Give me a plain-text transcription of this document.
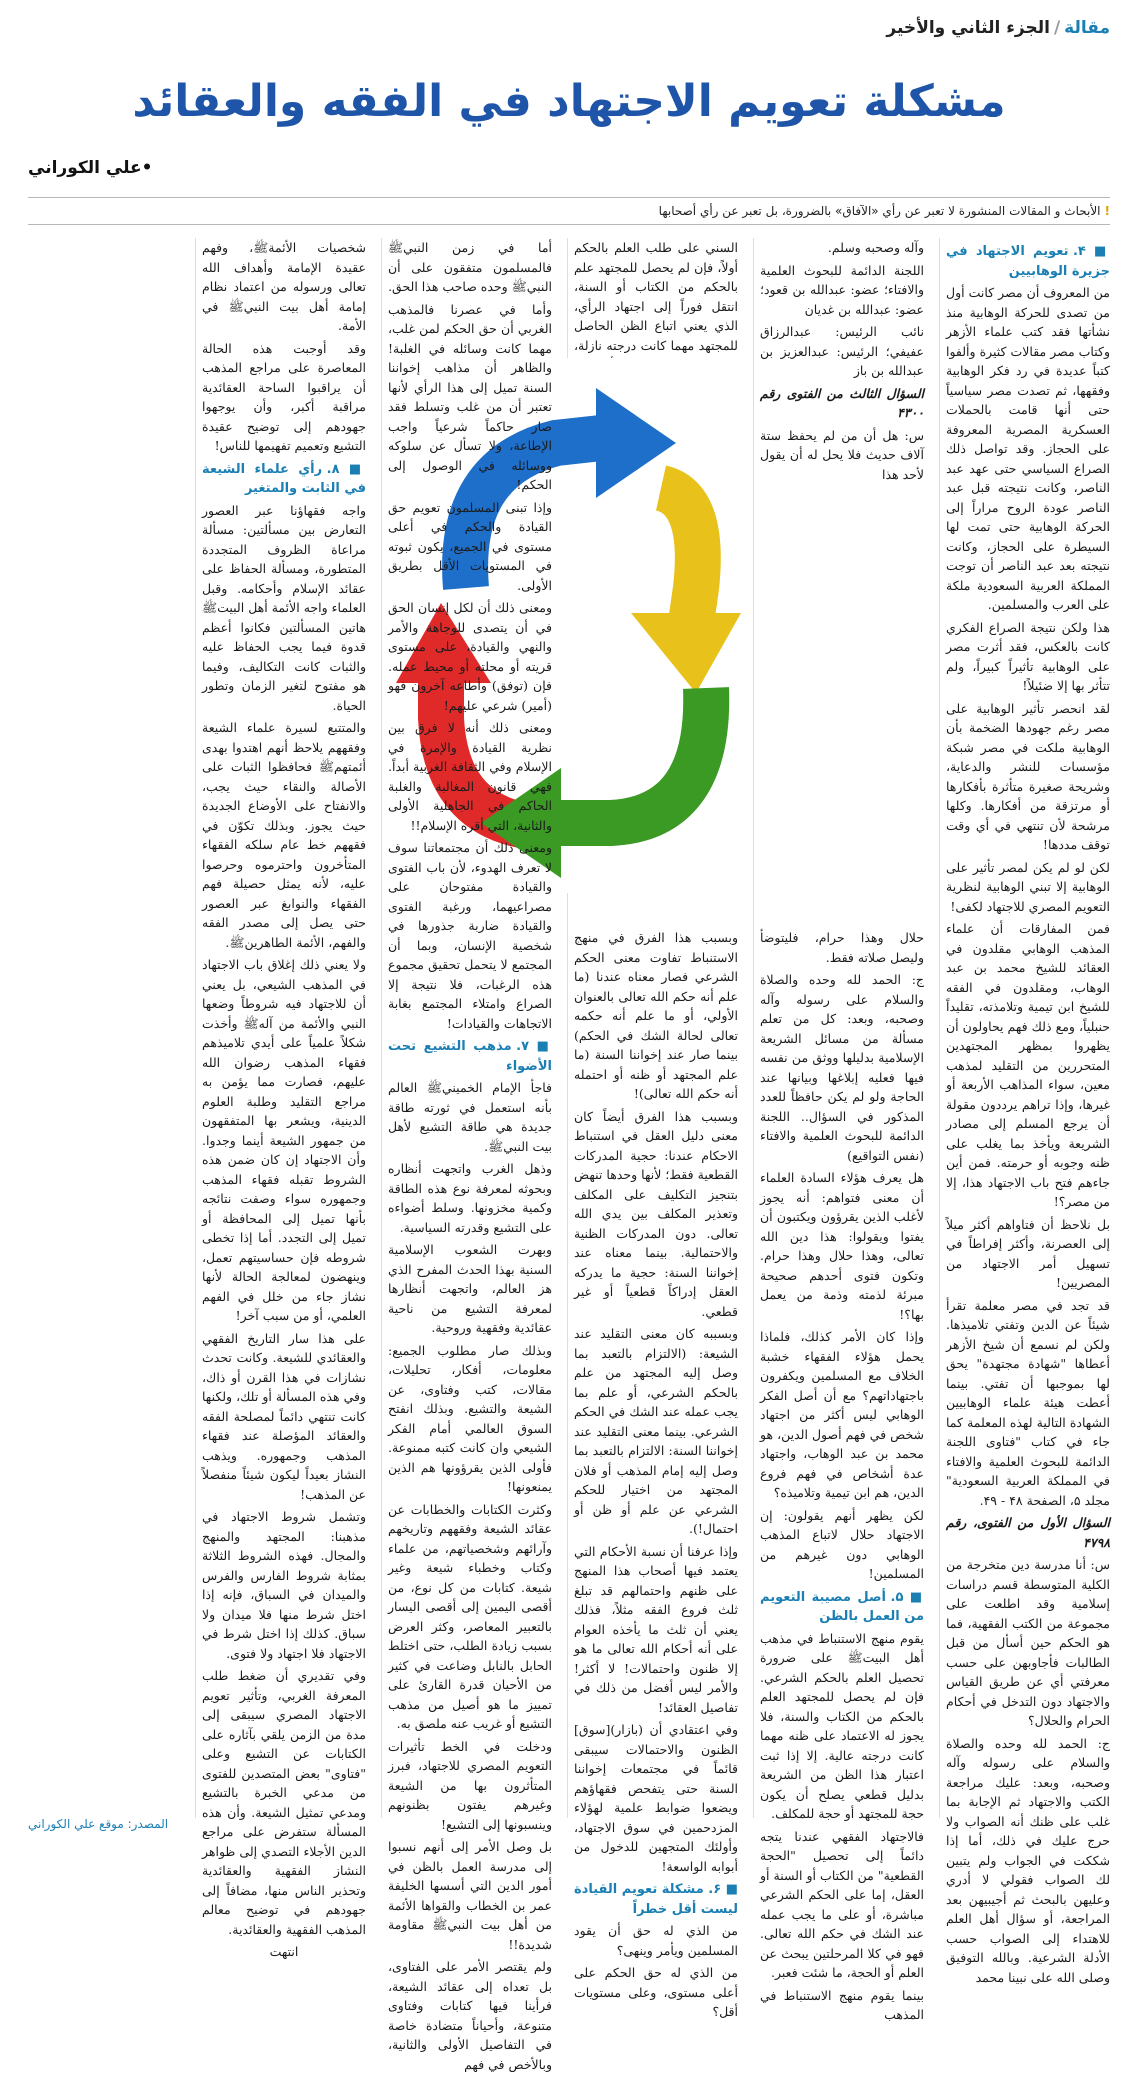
مقالة/الجزء الثاني والأخير
مشكلة تعويم الاجتهاد في الفقه والعقائد
•علي الكوراني
!الأبحاث و المقالات المنشورة لا تعبر عن رأي «الآفاق» بالضرورة، بل تعبر عن رأي أصحابها

■ ۴. تعويم الاجتهاد في جزيرة الوهابيين

من المعروف أن مصر كانت أول من تصدى للحركة الوهابية منذ نشأتها فقد كتب علماء الأزهر وكتاب مصر مقالات كثيرة وألفوا كتباً عديدة في رد فكر الوهابية وفقهها، ثم تصدت مصر سياسياً حتى أنها قامت بالحملات العسكرية المصرية المعروفة على الحجاز. وقد تواصل ذلك الصراع السياسي حتى عهد عبد الناصر، وكانت نتيجته قبل عبد الناصر عودة الروح مراراً إلى الحركة الوهابية حتى تمت لها السيطرة على الحجاز، وكانت نتيجته بعد عبد الناصر أن توجت المملكة العربية السعودية ملكة على العرب والمسلمين.

هذا ولكن نتيجة الصراع الفكري كانت بالعكس، فقد أثرت مصر على الوهابية تأثيراً كبيراً، ولم تتأثر بها إلا ضئيلاً!

لقد انحصر تأثير الوهابية على مصر رغم جهودها الضخمة بأن الوهابية ملكت في مصر شبكة مؤسسات للنشر والدعاية، وشريحة صغيرة متأثرة بأفكارها أو مرتزقة من أفكارها. وكلها مرشحة لأن تنتهي في أي وقت توقف مددها!

لكن لو لم يكن لمصر تأثير على الوهابية إلا تبني الوهابية لنظرية التعويم المصري للاجتهاد لكفى!

فمن المفارقات أن علماء المذهب الوهابي مقلدون في العقائد للشيخ محمد بن عبد الوهاب، ومقلدون في الفقه للشيخ ابن تيمية وتلامذته، تقليداً حنبلياً، ومع ذلك فهم يحاولون أن يظهروا بمظهر المجتهدين المتحررين من التقليد لمذهب معين، سواء المذاهب الأربعة أو غيرها، وإذا تراهم يرددون مقولة أن يرجع المسلم إلى مصادر الشريعة ويأخذ بما يغلب على ظنه وجوبه أو حرمته. فمن أين جاءهم فتح باب الاجتهاد هذا، إلا من مصر؟!

بل نلاحظ أن فتاواهم أكثر ميلاً إلى العصرنة، وأكثر إفراطاً في تسهيل أمر الاجتهاد من المصريين!

قد تجد في مصر معلمة تقرأ شيئاً عن الدين وتفتي تلاميذها. ولكن لم نسمع أن شيخ الأزهر أعطاها "شهادة مجتهدة" يحق لها بموجبها أن تفتي. بينما أعطت هيئة علماء الوهابيين الشهادة التالية لهذه المعلمة كما جاء في كتاب "فتاوى اللجنة الدائمة للبحوث العلمية والافتاء في المملكة العربية السعودية" مجلد ۵، الصفحة ۴۸ - ۴۹.

السؤال الأول من الفتوى، رقم ۴۷۹۸

س: أنا مدرسة دين متخرجة من الكلية المتوسطة قسم دراسات إسلامية وقد اطلعت على مجموعة من الكتب الفقهية، فما هو الحكم حين أسأل من قبل الطالبات فأجاوبهن على حسب معرفتي أي عن طريق القياس والاجتهاد دون التدخل في أحكام الحرام والحلال؟

ج: الحمد لله وحده والصلاة والسلام على رسوله وآله وصحبه، وبعد: عليك مراجعة الكتب والاجتهاد ثم الإجابة بما غلب على ظنك أنه الصواب ولا حرج عليك في ذلك، أما إذا شككت في الجواب ولم يتبين لك الصواب فقولي لا أدري وعليهن بالبحث ثم أجيبيهن بعد المراجعة، أو سؤال أهل العلم للاهتداء إلى الصواب حسب الأدلة الشرعية. وبالله التوفيق وصلى الله على نبينا محمد

وآله وصحبه وسلم.

اللجنة الدائمة للبحوث العلمية والافتاء؛ عضو: عبدالله بن قعود؛ عضو: عبدالله بن غديان

نائب الرئيس: عبدالرزاق عفيفي؛ الرئيس: عبدالعزيز بن عبدالله بن باز

السؤال الثالث من الفتوى رقم ۴۳۰۰

س: هل أن من لم يحفظ ستة آلاف حديث فلا يحل له أن يقول لأحد هذا

السني على طلب العلم بالحكم أولاً، فإن لم يحصل للمجتهد علم بالحكم من الكتاب أو السنة، انتقل فوراً إلى اجتهاد الرأي، الذي يعني اتباع الظن الحاصل للمجتهد مهما كانت درجته نازلة،

حلال وهذا حرام، فليتوضأ وليصل صلاته فقط.

ج: الحمد لله وحده والصلاة والسلام على رسوله وآله وصحبه، وبعد: كل من تعلم مسألة من مسائل الشريعة الإسلامية بدليلها ووثق من نفسه فيها فعليه إبلاغها وبيانها عند الحاجة ولو لم يكن حافظاً للعدد المذكور في السؤال.. اللجنة الدائمة للبحوث العلمية والافتاء (نفس التواقيع)

هل يعرف هؤلاء السادة العلماء أن معنى فتواهم: أنه يجوز لأغلب الذين يقرؤون ويكتبون أن يفتوا ويقولوا: هذا دين الله تعالى، وهذا حلال وهذا حرام. وتكون فتوى أحدهم صحيحة مبرئة لذمته وذمة من يعمل بها؟!

وإذا كان الأمر كذلك، فلماذا يحمل هؤلاء الفقهاء خشبة الخلاف مع المسلمين ويكفرون باجتهاداتهم؟ مع أن أصل الفكر الوهابي ليس أكثر من اجتهاد شخص في فهم أصول الدين، هو محمد بن عبد الوهاب، واجتهاد عدة أشخاص في فهم فروع الدين، هم ابن تيمية وتلاميذه؟

لكن يظهر أنهم يقولون: إن الاجتهاد حلال لاتباع المذهب الوهابي دون غيرهم من المسلمين!

■ ۵. أصل مصيبة التعويم من العمل بالظن

يقوم منهج الاستنباط في مذهب أهل البيتﷺ على ضرورة تحصيل العلم بالحكم الشرعي. فإن لم يحصل للمجتهد العلم بالحكم من الكتاب والسنة، فلا يجوز له الاعتماد على ظنه مهما كانت درجته عالية. إلا إذا ثبت اعتبار هذا الظن من الشريعة بدليل قطعي يصلح أن يكون حجة للمجتهد أو حجة للمكلف.

فالاجتهاد الفقهي عندنا يتجه دائماً إلى تحصيل "الحجة القطعية" من الكتاب أو السنة أو العقل، إما على الحكم الشرعي مباشرة، أو على ما يجب عمله عند الشك في حكم الله تعالى. فهو في كلا المرحلتين يبحث عن العلم أو الحجة، ما شئت فعبر.

بينما يقوم منهج الاستنباط في المذهب

وبسبب هذا الفرق في منهج الاستنباط تفاوت معنى الحكم الشرعي فصار معناه عندنا (ما علم أنه حكم الله تعالى بالعنوان الأولي، أو ما علم أنه حكمه تعالى لحالة الشك في الحكم) بينما صار عند إخواننا السنة (ما علم المجتهد أو ظنه أو احتمله أنه حكم الله تعالى)!

وبسبب هذا الفرق أيضاً كان معنى دليل العقل في استنباط الاحكام عندنا: حجية المدركات القطعية فقط؛ لأنها وحدها تنهض بتنجيز التكليف على المكلف وتعذير المكلف بين يدي الله تعالى. دون المدركات الظنية والاحتمالية. بينما معناه عند إخواننا السنة: حجية ما يدركه العقل إدراكاً قطعياً أو غير قطعي.

وبسببه كان معنى التقليد عند الشيعة: (الالتزام بالتعبد بما وصل إليه المجتهد من علم بالحكم الشرعي، أو علم بما يجب عمله عند الشك في الحكم الشرعي. بينما معنى التقليد عند إخواننا السنة: الالتزام بالتعبد بما وصل إليه إمام المذهب أو فلان المجتهد من اختيار للحكم الشرعي عن علم أو ظن أو احتمال!).

وإذا عرفنا أن نسبة الأحكام التي يعتمد فيها أصحاب هذا المنهج على ظنهم واحتمالهم قد تبلغ ثلث فروع الفقه مثلاً، فذلك يعني أن ثلث ما يأخذه العوام على أنه أحكام الله تعالى ما هو إلا ظنون واحتمالات! لا أكثر! والأمر ليس أفضل من ذلك في تفاصيل العقائد!

وفي اعتقادي أن (بازار)[سوق] الظنون والاحتمالات سيبقى قائماً في مجتمعات إخواننا السنة حتى يتفحص فقهاؤهم ويضعوا ضوابط علمية لهؤلاء المزدحمين في سوق الاجتهاد، وأولئك المتجهين للدخول من أبوابه الواسعة!

■ ۶. مشكلة تعويم القيادة ليست أقل خطراً

من الذي له حق أن يقود المسلمين ويأمر وينهى؟

من الذي له حق الحكم على أعلى مستوى، وعلى مستويات أقل؟

أما في زمن النبيﷺ فالمسلمون متفقون على أن النبيﷺ وحده صاحب هذا الحق.

وأما في عصرنا فالمذهب الغربي أن حق الحكم لمن غلب، مهما كانت وسائله في الغلبة! والظاهر أن مذاهب إخواننا السنة تميل إلى هذا الرأي لأنها تعتبر أن من غلب وتسلط فقد صار حاكماً شرعياً واجب الإطاعة، ولا تسأل عن سلوكه ووسائله في الوصول إلى الحكم!

وإذا تبنى المسلمون تعويم حق القيادة والحكم في أعلى مستوى في الجميع، يكون ثبوته في المستويات الأقل بطريق الأولى.

ومعنى ذلك أن لكل إنسان الحق في أن يتصدى للوجاهة والأمر والنهي والقيادة، على مستوى قريته أو محلته أو محيط عمله. فإن (توفق) وأطاعه آخرون فهو (أمير) شرعي عليهم!

ومعنى ذلك أنه لا فرق بين نظرية القيادة والإمرة في الإسلام وفي الثقافة الغربية أبداً. فهي قانون المغالبة والغلبة الحاكم في الجاهلية الأولى والثانية، التي أقره الإسلام!!

ومعنى ذلك أن مجتمعاتنا سوف لا تعرف الهدوء، لأن باب الفتوى والقيادة مفتوحان على مصراعيهما، ورغبة الفتوى والقيادة ضاربة جذورها في شخصية الإنسان، وبما أن المجتمع لا يتحمل تحقيق مجموع هذه الرغبات، فلا نتيجة إلا الصراع وامتلاء المجتمع بغابة الاتجاهات والقيادات!

■ ۷. مذهب التشيع تحت الأضواء

فاجأ الإمام الخمينيﷺ العالم بأنه استعمل في ثورته طاقة جديدة هي طاقة التشيع لأهل بيت النبيﷺ.

وذهل الغرب واتجهت أنظاره وبحوثه لمعرفة نوع هذه الطاقة وكمية مخزونها. وسلط أضواءه على التشيع وقدرته السياسية.

وبهرت الشعوب الإسلامية السنية بهذا الحدث المفرح الذي هز العالم، واتجهت أنظارها لمعرفة التشيع من ناحية عقائدية وفقهية وروحية.

وبذلك صار مطلوب الجميع: معلومات، أفكار، تحليلات، مقالات، كتب وفتاوى، عن الشيعة والتشيع. وبذلك انفتح السوق العالمي أمام الفكر الشيعي وان كانت كتبه ممنوعة. فأولى الذين يقرؤونها هم الذين يمنعونها!

وكثرت الكتابات والخطابات عن عقائد الشيعة وفقههم وتاريخهم وآرائهم وشخصياتهم، من علماء وكتاب وخطباء شيعة وغير شيعة. كتابات من كل نوع، من أقصى اليمين إلى أقصى اليسار بالتعبير المعاصر، وكثر العرض بسبب زيادة الطلب، حتى اختلط الحابل بالنابل وضاعت في كثير من الأحيان قدرة القارئ على تمييز ما هو أصيل من مذهب التشيع أو غريب عنه ملصق به.

ودخلت في الخط تأثيرات التعويم المصري للاجتهاد، فبرز المتأثرون بها من الشيعة وغيرهم يفتون بظنونهم وينسبونها إلى التشيع!

بل وصل الأمر إلى أنهم نسبوا إلى مدرسة العمل بالظن في أمور الدين التي أسسها الخليفة عمر بن الخطاب والقواها الأئمة من أهل بيت النبيﷺ مقاومة شديدة!!

ولم يقتصر الأمر على الفتاوى، بل تعداه إلى عقائد الشيعة، فرأينا فيها كتابات وفتاوى متنوعة، وأحياناً متضادة خاصة في التفاصيل الأولى والثانية، وبالأخص في فهم

شخصيات الأئمةﷺ، وفهم عقيدة الإمامة وأهداف الله تعالى ورسوله من اعتماد نظام إمامة أهل بيت النبيﷺ في الأمة.

وقد أوجبت هذه الحالة المعاصرة على مراجع المذهب أن يراقبوا الساحة العقائدية مراقبة أكبر، وأن يوجهوا جهودهم إلى توضيح عقيدة التشيع وتعميم تفهيمها للناس!

■ ۸. رأي علماء الشيعة في الثابت والمتغير

واجه فقهاؤنا عبر العصور التعارض بين مسألتين: مسألة مراعاة الظروف المتجددة المتطورة، ومسألة الحفاظ على عقائد الإسلام وأحكامه. وقبل العلماء واجه الأئمة أهل البيتﷺ هاتين المسألتين فكانوا أعظم قدوة فيما يجب الحفاظ عليه والثبات كانت التكاليف، وفيما هو مفتوح لتغير الزمان وتطور الحياة.

والمتتبع لسيرة علماء الشيعة وفقههم يلاحظ أنهم اهتدوا بهدى أئمتهمﷺ فحافظوا الثبات على الأصالة والنقاء حيث يجب، والانفتاح على الأوضاع الجديدة حيث يجوز. وبذلك تكوّن في فقههم خط عام سلكه الفقهاء المتأخرون واحترموه وحرصوا عليه، لأنه يمثل حصيلة فهم الفقهاء والنوابغ عبر العصور حتى يصل إلى مصدر الفقه والفهم، الأئمة الطاهرينﷺ.

ولا يعني ذلك إغلاق باب الاجتهاد في المذهب الشيعي، بل يعني أن للاجتهاد فيه شروطاً وضعها النبي والأئمة من آلهﷺ وأخذت شكلاً علمياً على أيدي تلاميذهم فقهاء المذهب رضوان الله عليهم، فصارت مما يؤمن به مراجع التقليد وطلبة العلوم الدينية، ويشعر بها المتفقهون من جمهور الشيعة أينما وجدوا. وأن الاجتهاد إن كان ضمن هذه الشروط تقبله فقهاء المذهب وجمهوره سواء وصفت نتائجه بأنها تميل إلى المحافظة أو تميل إلى التجدد. أما إذا تخطى شروطه فإن حساسيتهم تعمل، وينهضون لمعالجة الحالة لأنها نشاز جاء من خلل في الفهم العلمي، أو من سبب آخر!

على هذا سار التاريخ الفقهي والعقائدي للشيعة. وكانت تحدث نشازات في هذا القرن أو ذاك، وفي هذه المسألة أو تلك، ولكنها كانت تنتهي دائماً لمصلحة الفقه والعقائد المؤصلة عند فقهاء المذهب وجمهوره. ويذهب النشاز بعيداً ليكون شيئاً منفصلاً عن المذهب!

وتشمل شروط الاجتهاد في مذهبنا: المجتهد والمنهج والمجال. فهذه الشروط الثلاثة بمثابة شروط الفارس والفرس والميدان في السباق، فإنه إذا اختل شرط منها فلا ميدان ولا سباق. كذلك إذا اختل شرط في الاجتهاد فلا اجتهاد ولا فتوى.

وفي تقديري أن ضغط طلب المعرفة الغربي، وتأثير تعويم الاجتهاد المصري سيبقى إلى مدة من الزمن يلقي بآثاره على الكتابات عن التشيع وعلى "فتاوى" بعض المتصدين للفتوى من مدعي الخبرة بالتشيع ومدعي تمثيل الشيعة. وأن هذه المسألة ستفرض على مراجع الدين الأجلاء التصدي إلى ظواهر النشاز الفقهية والعقائدية وتحذير الناس منها، مضافاً إلى جهودهم في توضيح معالم المذهب الفقهية والعقائدية.

انتهت

المصدر: موقع علي الكوراني
